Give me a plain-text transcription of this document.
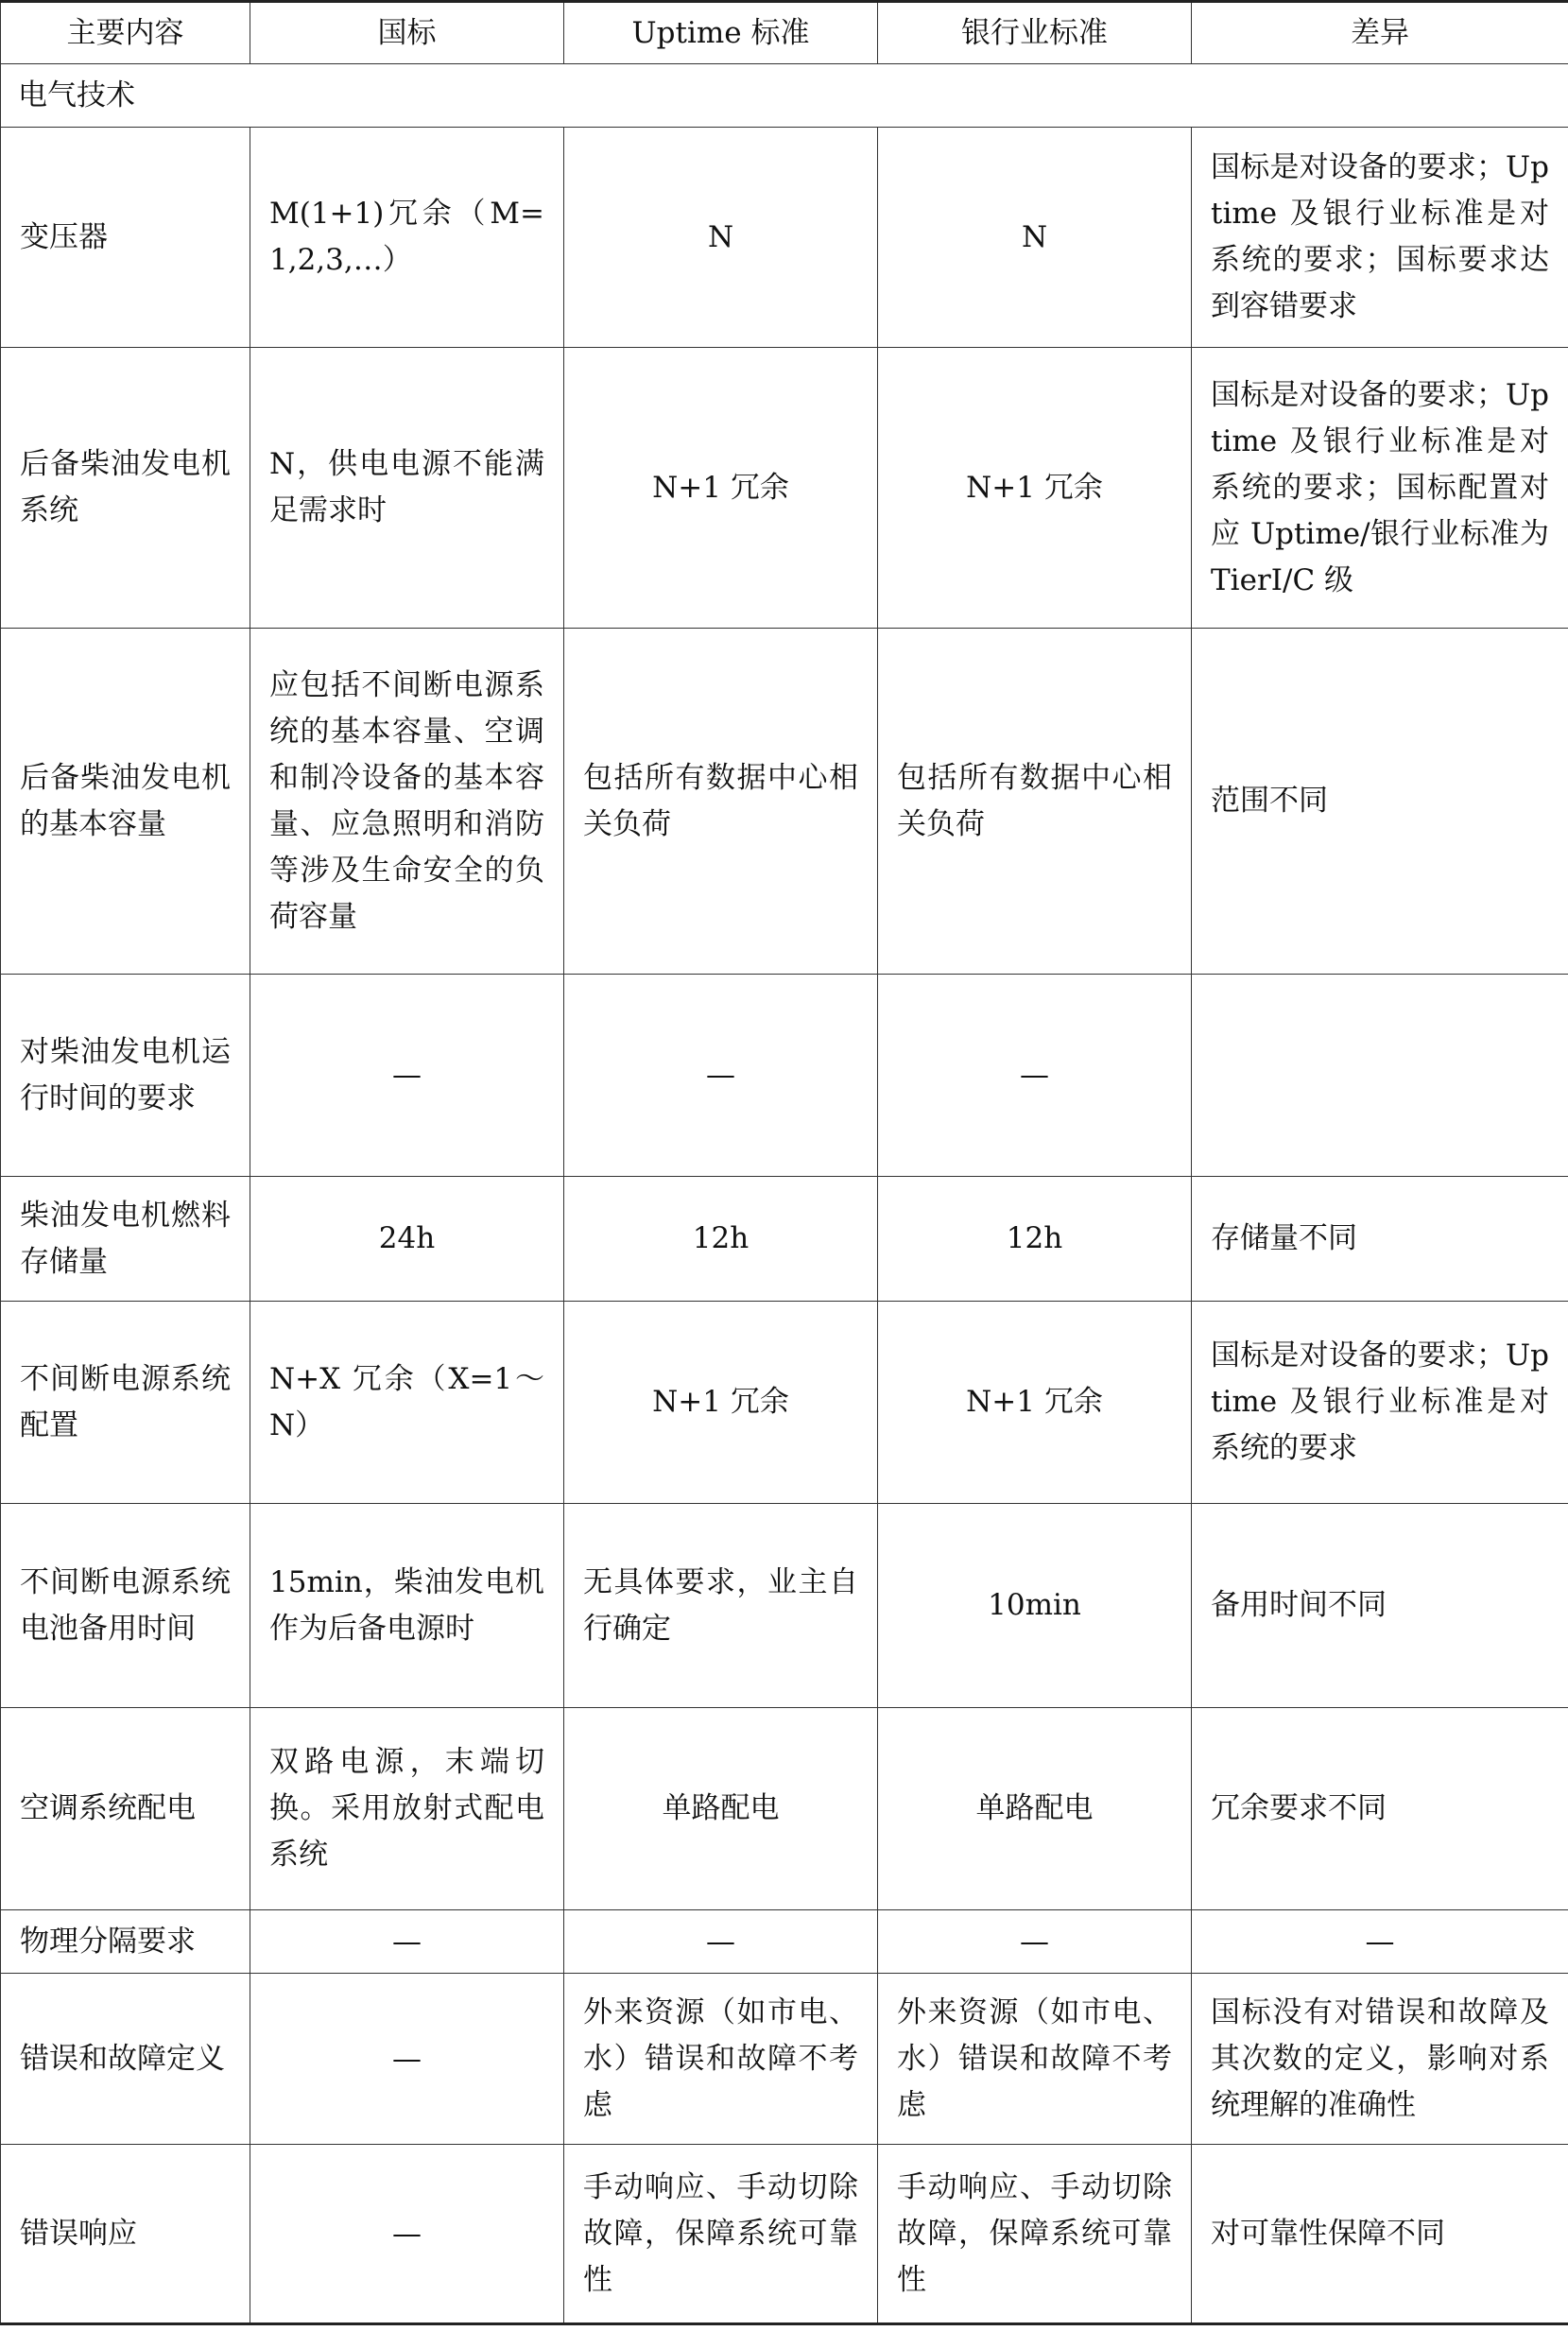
主要内容	国标	Uptime 标准	银行业标准	差异
电气技术				
变压器	M(1+1)冗余（M=1,2,3,…）	N	N	国标是对设备的要求；Uptime 及银行业标准是对系统的要求；国标要求达到容错要求
后备柴油发电机系统	N，供电电源不能满足需求时	N+1 冗余	N+1 冗余	国标是对设备的要求；Uptime 及银行业标准是对系统的要求；国标配置对应 Uptime/银行业标准为 TierⅠ/C 级
后备柴油发电机的基本容量	应包括不间断电源系统的基本容量、空调和制冷设备的基本容量、应急照明和消防等涉及生命安全的负荷容量	包括所有数据中心相关负荷	包括所有数据中心相关负荷	范围不同
对柴油发电机运行时间的要求	—	—	—	
柴油发电机燃料存储量	24h	12h	12h	存储量不同
不间断电源系统配置	N+X 冗余（X=1～N）	N+1 冗余	N+1 冗余	国标是对设备的要求；Uptime 及银行业标准是对系统的要求
不间断电源系统电池备用时间	15min，柴油发电机作为后备电源时	无具体要求，业主自行确定	10min	备用时间不同
空调系统配电	双路电源，末端切换。采用放射式配电系统	单路配电	单路配电	冗余要求不同
物理分隔要求	—	—	—	—
错误和故障定义	—	外来资源（如市电、水）错误和故障不考虑	外来资源（如市电、水）错误和故障不考虑	国标没有对错误和故障及其次数的定义，影响对系统理解的准确性
错误响应	—	手动响应、手动切除故障，保障系统可靠性	手动响应、手动切除故障，保障系统可靠性	对可靠性保障不同
